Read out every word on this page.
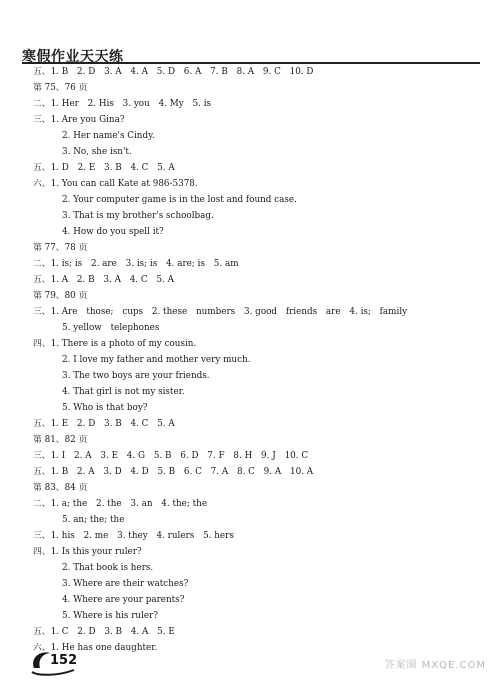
寒假作业天天练
五、1. B　2. D　3. A　4. A　5. D　6. A　7. B　8. A　9. C　10. D
第 75、76 页
二、1. Her　2. His　3. you　4. My　5. is
三、1. Are you Gina?
2. Her name's Cindy.
3. No, she isn't.
五、1. D　2. E　3. B　4. C　5. A
六、1. You can call Kate at 986-5378.
2. Your computer game is in the lost and found case.
3. That is my brother's schoolbag.
4. How do you spell it?
第 77、78 页
二、1. is; is　2. are　3. is; is　4. are; is　5. am
五、1. A　2. B　3. A　4. C　5. A
第 79、80 页
三、1. Are　those;　cups　2. these　numbers　3. good　friends　are　4. is;　family
5. yellow　telephones
四、1. There is a photo of my cousin.
2. I love my father and mother very much.
3. The two boys are your friends.
4. That girl is not my sister.
5. Who is that boy?
五、1. E　2. D　3. B　4. C　5. A
第 81、82 页
三、1. I　2. A　3. E　4. G　5. B　6. D　7. F　8. H　9. J　10. C
五、1. B　2. A　3. D　4. D　5. B　6. C　7. A　8. C　9. A　10. A
第 83、84 页
二、1. a; the　2. the　3. an　4. the; the
5. an; the; the
三、1. his　2. me　3. they　4. rulers　5. hers
四、1. Is this your ruler?
2. That book is hers.
3. Where are their watches?
4. Where are your parents?
5. Where is his ruler?
五、1. C　2. D　3. B　4. A　5. E
六、1. He has one daughter.
152	答案圈 MXQE.COM
